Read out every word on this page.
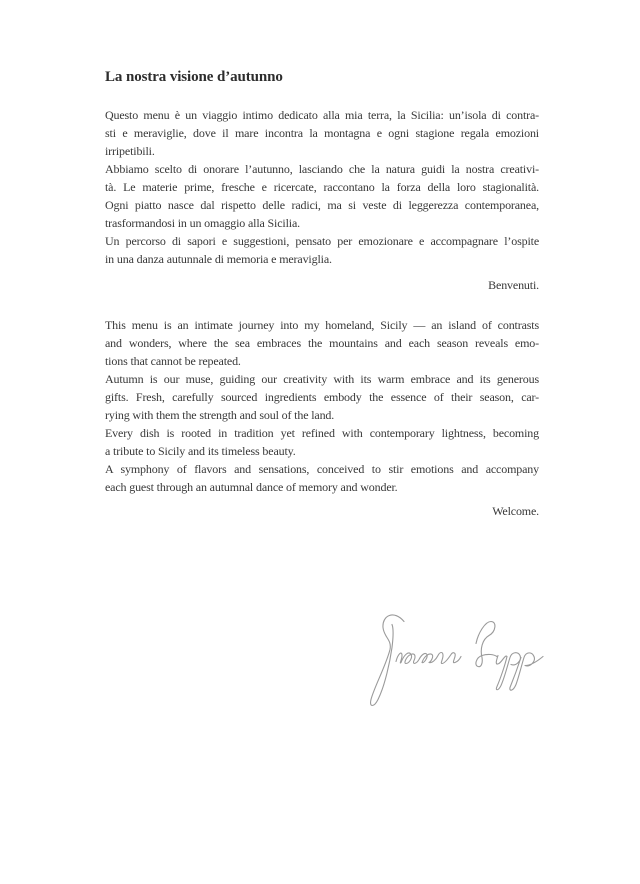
La nostra visione d’autunno
Questo menu è un viaggio intimo dedicato alla mia terra, la Sicilia: un’isola di contra-
sti e meraviglie, dove il mare incontra la montagna e ogni stagione regala emozioni
irripetibili.
Abbiamo scelto di onorare l’autunno, lasciando che la natura guidi la nostra creativi-
tà. Le materie prime, fresche e ricercate, raccontano la forza della loro stagionalità.
Ogni piatto nasce dal rispetto delle radici, ma si veste di leggerezza contemporanea,
trasformandosi in un omaggio alla Sicilia.
Un percorso di sapori e suggestioni, pensato per emozionare e accompagnare l’ospite
in una danza autunnale di memoria e meraviglia.
Benvenuti.
This menu is an intimate journey into my homeland, Sicily — an island of contrasts
and wonders, where the sea embraces the mountains and each season reveals emo-
tions that cannot be repeated.
Autumn is our muse, guiding our creativity with its warm embrace and its generous
gifts. Fresh, carefully sourced ingredients embody the essence of their season, car-
rying with them the strength and soul of the land.
Every dish is rooted in tradition yet refined with contemporary lightness, becoming
a tribute to Sicily and its timeless beauty.
A symphony of flavors and sensations, conceived to stir emotions and accompany
each guest through an autumnal dance of memory and wonder.
Welcome.
